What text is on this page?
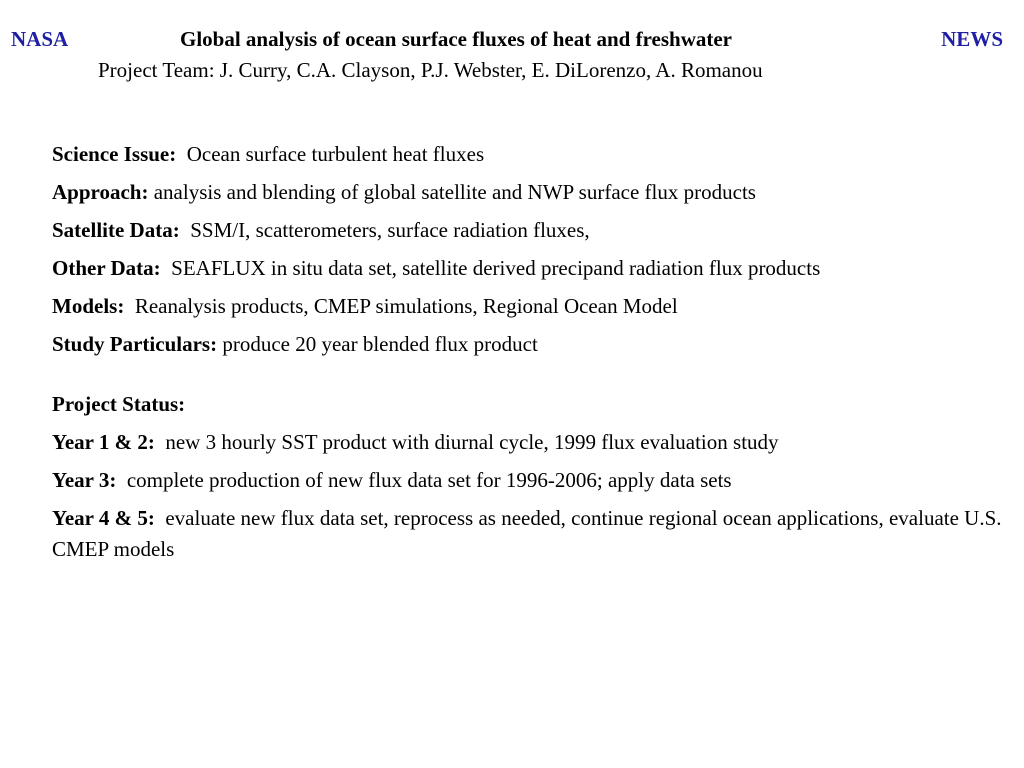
NASA	Global analysis of ocean surface fluxes of heat and freshwater	NEWS
Project Team: J. Curry, C.A. Clayson, P.J. Webster, E. DiLorenzo, A. Romanou
Science Issue: Ocean surface turbulent heat fluxes
Approach: analysis and blending of global satellite and NWP surface flux products
Satellite Data: SSM/I, scatterometers, surface radiation fluxes,
Other Data: SEAFLUX in situ data set, satellite derived precipand radiation flux products
Models: Reanalysis products, CMEP simulations, Regional Ocean Model
Study Particulars: produce 20 year blended flux product
Project Status:
Year 1 & 2: new 3 hourly SST product with diurnal cycle, 1999 flux evaluation study
Year 3: complete production of new flux data set for 1996-2006; apply data sets
Year 4 & 5: evaluate new flux data set, reprocess as needed, continue regional ocean applications, evaluate U.S. CMEP models
